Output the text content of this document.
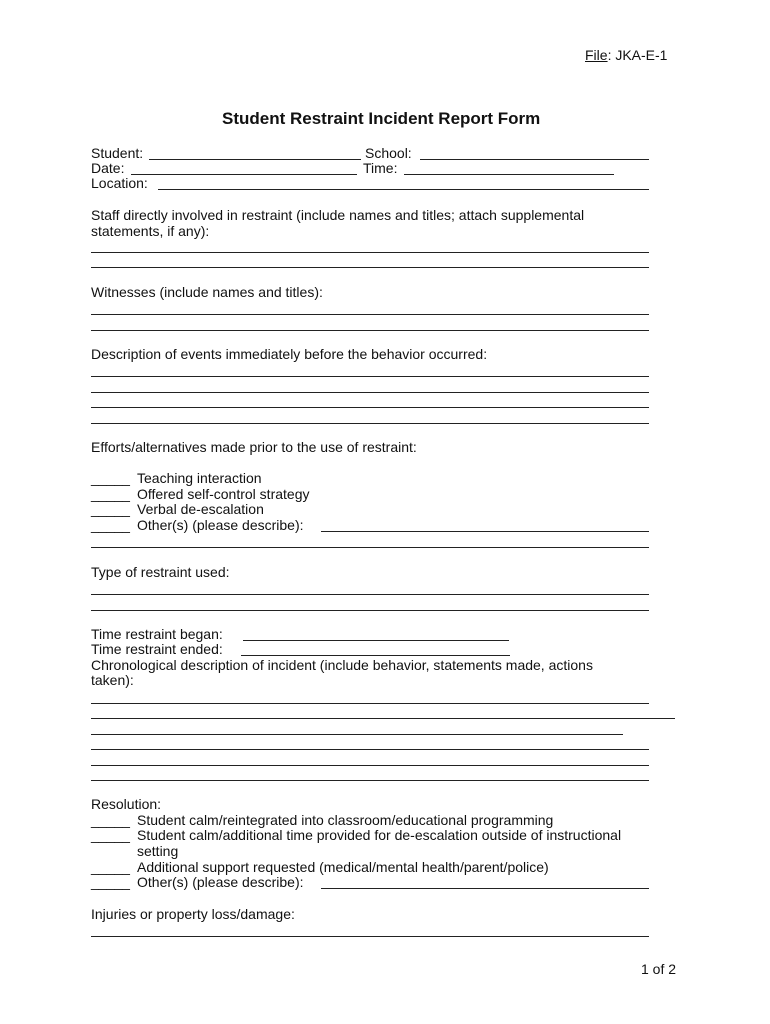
File: JKA-E-1
Student Restraint Incident Report Form
Student:	School:
Date:	Time:
Location:
Staff directly involved in restraint (include names and titles; attach supplemental
statements, if any):
Witnesses (include names and titles):
Description of events immediately before the behavior occurred:
Efforts/alternatives made prior to the use of restraint:
_____ Teaching interaction
_____ Offered self-control strategy
_____ Verbal de-escalation
_____ Other(s) (please describe):
Type of restraint used:
Time restraint began:
Time restraint ended:
Chronological description of incident (include behavior, statements made, actions
taken):
Resolution:
_____ Student calm/reintegrated into classroom/educational programming
_____ Student calm/additional time provided for de-escalation outside of instructional
setting
_____ Additional support requested (medical/mental health/parent/police)
_____ Other(s) (please describe):
Injuries or property loss/damage:
1 of 2
